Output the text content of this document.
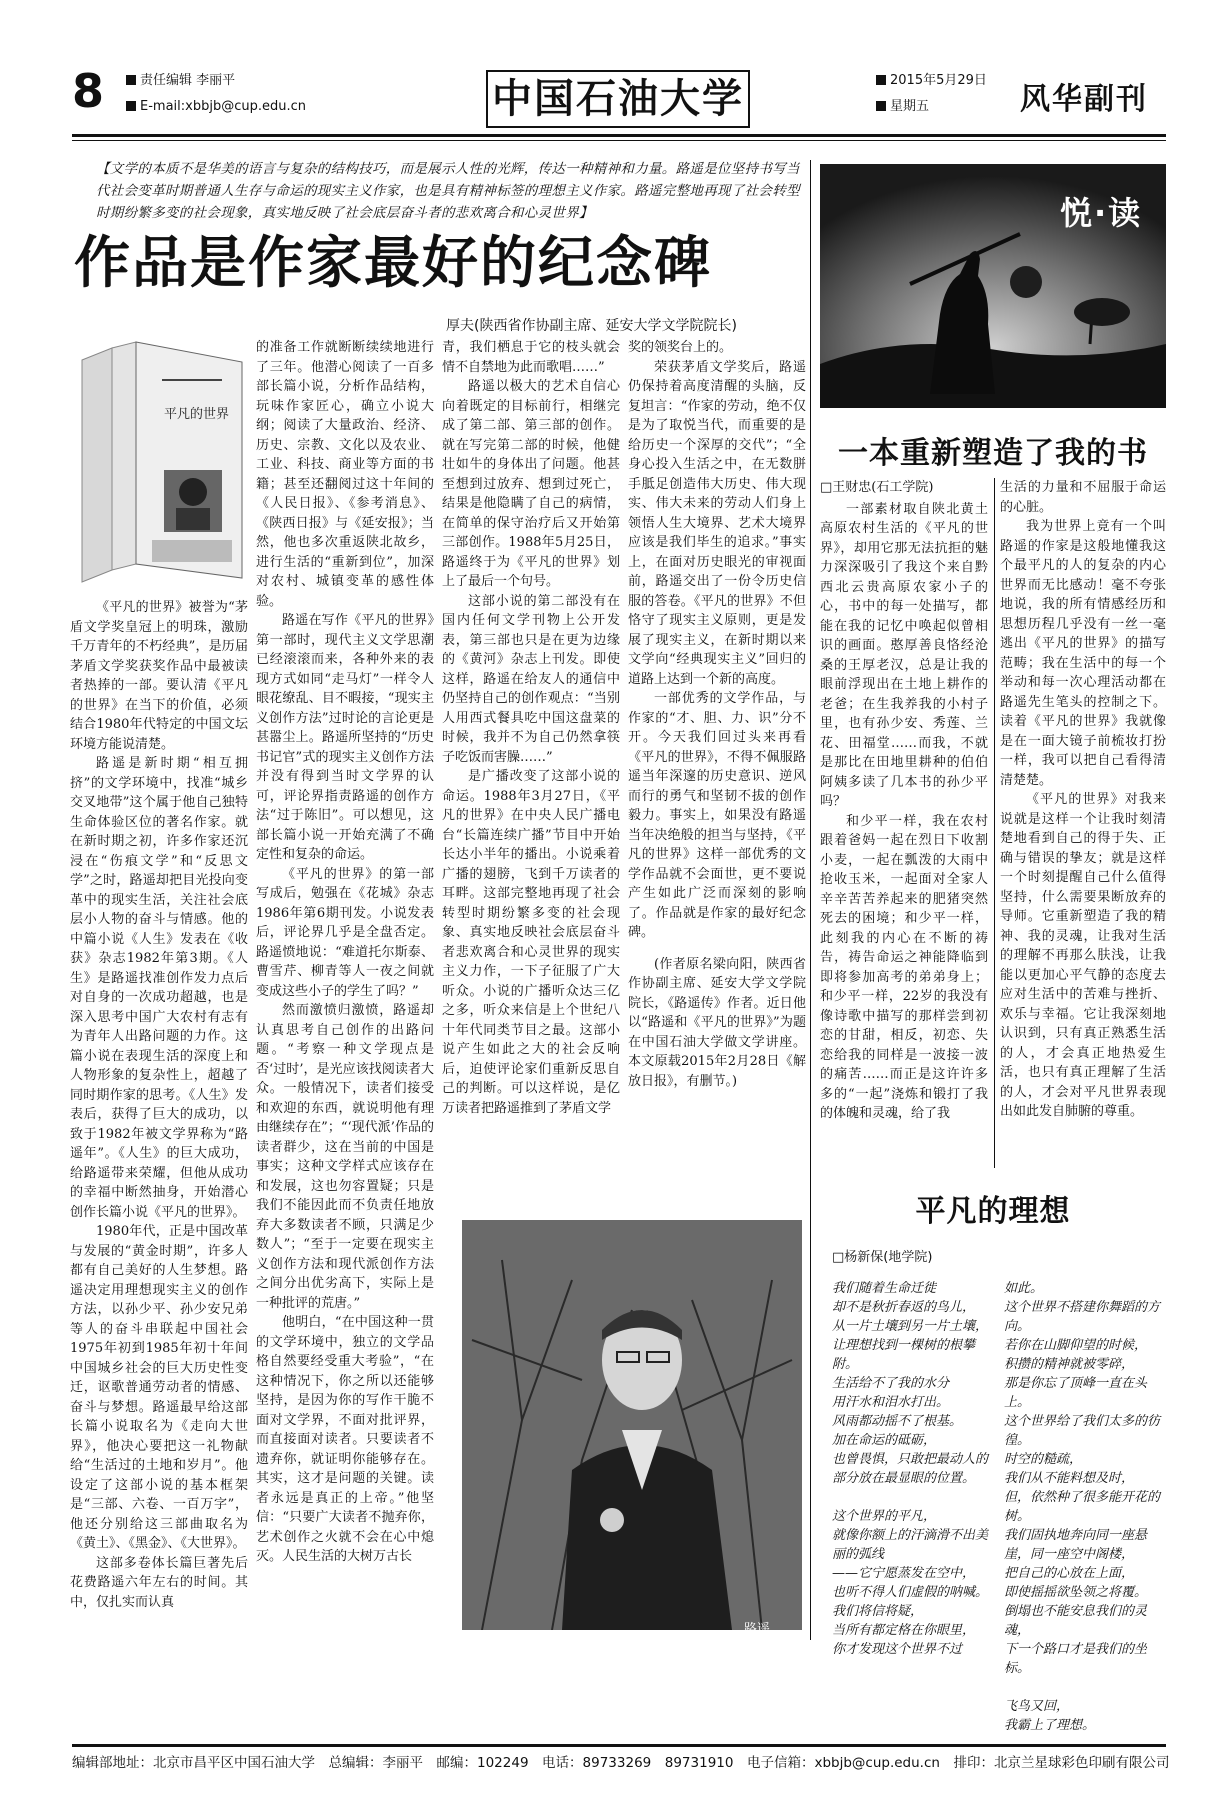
8	责任编辑 李丽平
E-mail:xbbjb@cup.edu.cn	中国石油大学	2015年5月29日
星期五	风华副刊
【文学的本质不是华美的语言与复杂的结构技巧，而是展示人性的光辉，传达一种精神和力量。路遥是位坚持书写当代社会变革时期普通人生存与命运的现实主义作家，也是具有精神标签的理想主义作家。路遥完整地再现了社会转型时期纷繁多变的社会现象，真实地反映了社会底层奋斗者的悲欢离合和心灵世界】
作品是作家最好的纪念碑
厚夫(陕西省作协副主席、延安大学文学院院长)
平凡的世界

《平凡的世界》被誉为“茅盾文学奖皇冠上的明珠，激励千万青年的不朽经典”，是历届茅盾文学奖获奖作品中最被读者热捧的一部。要认清《平凡的世界》在当下的价值，必须结合1980年代特定的中国文坛环境方能说清楚。

路遥是新时期“相互拥挤”的文学环境中，找准“城乡交叉地带”这个属于他自己独特生命体验区位的著名作家。就在新时期之初，许多作家还沉浸在“伤痕文学”和“反思文学”之时，路遥却把目光投向变革中的现实生活，关注社会底层小人物的奋斗与情感。他的中篇小说《人生》发表在《收获》杂志1982年第3期。《人生》是路遥找准创作发力点后对自身的一次成功超越，也是深入思考中国广大农村有志有为青年人出路问题的力作。这篇小说在表现生活的深度上和人物形象的复杂性上，超越了同时期作家的思考。《人生》发表后，获得了巨大的成功，以致于1982年被文学界称为“路遥年”。《人生》的巨大成功，给路遥带来荣耀，但他从成功的幸福中断然抽身，开始潜心创作长篇小说《平凡的世界》。

1980年代，正是中国改革与发展的“黄金时期”，许多人都有自己美好的人生梦想。路遥决定用理想现实主义的创作方法，以孙少平、孙少安兄弟等人的奋斗串联起中国社会1975年初到1985年初十年间中国城乡社会的巨大历史性变迁，讴歌普通劳动者的情感、奋斗与梦想。路遥最早给这部长篇小说取名为《走向大世界》，他决心要把这一礼物献给“生活过的土地和岁月”。他设定了这部小说的基本框架是“三部、六卷、一百万字”，他还分别给这三部曲取名为《黄土》、《黑金》、《大世界》。

这部多卷体长篇巨著先后花费路遥六年左右的时间。其中，仅扎实而认真

的准备工作就断断续续地进行了三年。他潜心阅读了一百多部长篇小说，分析作品结构，玩味作家匠心，确立小说大纲；阅读了大量政治、经济、历史、宗教、文化以及农业、工业、科技、商业等方面的书籍；甚至还翻阅过这十年间的《人民日报》、《参考消息》、《陕西日报》与《延安报》；当然，他也多次重返陕北故乡，进行生活的“重新到位”，加深对农村、城镇变革的感性体验。

路遥在写作《平凡的世界》第一部时，现代主义文学思潮已经滚滚而来，各种外来的表现方式如同“走马灯”一样令人眼花缭乱、目不暇接，“现实主义创作方法”过时论的言论更是甚嚣尘上。路遥所坚持的“历史书记官”式的现实主义创作方法并没有得到当时文学界的认可，评论界指责路遥的创作方法“过于陈旧”。可以想见，这部长篇小说一开始充满了不确定性和复杂的命运。

《平凡的世界》的第一部写成后，勉强在《花城》杂志1986年第6期刊发。小说发表后，评论界几乎是全盘否定。路遥愤地说：“难道托尔斯泰、曹雪芹、柳青等人一夜之间就变成这些小子的学生了吗？”

然而激愤归激愤，路遥却认真思考自己创作的出路问题。“考察一种文学现点是否‘过时’，是光应该找阅读者大众。一般情况下，读者们接受和欢迎的东西，就说明他有理由继续存在”；“‘现代派’作品的读者群少，这在当前的中国是事实；这种文学样式应该存在和发展，这也勿容置疑；只是我们不能因此而不负责任地放弃大多数读者不顾，只满足少数人”；“至于一定要在现实主义创作方法和现代派创作方法之间分出优劣高下，实际上是一种批评的荒唐。”

他明白，“在中国这种一贯的文学环境中，独立的文学品格自然要经受重大考验”，“在这种情况下，你之所以还能够坚持，是因为你的写作干脆不面对文学界，不面对批评界，而直接面对读者。只要读者不遗弃你，就证明你能够存在。其实，这才是问题的关键。读者永远是真正的上帝。”他坚信：“只要广大读者不抛弃你，艺术创作之火就不会在心中熄灭。人民生活的大树万古长

青，我们栖息于它的枝头就会情不自禁地为此而歌唱……”

路遥以极大的艺术自信心向着既定的目标前行，相继完成了第二部、第三部的创作。就在写完第二部的时候，他健壮如牛的身体出了问题。他甚至想到过放弃、想到过死亡，结果是他隐瞒了自己的病情，在简单的保守治疗后又开始第三部创作。1988年5月25日，路遥终于为《平凡的世界》划上了最后一个句号。

这部小说的第二部没有在国内任何文学刊物上公开发表，第三部也只是在更为边缘的《黄河》杂志上刊发。即使这样，路遥在给友人的通信中仍坚持自己的创作观点：“当别人用西式餐具吃中国这盘菜的时候，我并不为自己仍然拿筷子吃饭而害臊……”

是广播改变了这部小说的命运。1988年3月27日，《平凡的世界》在中央人民广播电台“长篇连续广播”节目中开始长达小半年的播出。小说乘着广播的翅膀，飞到千万读者的耳畔。这部完整地再现了社会转型时期纷繁多变的社会现象、真实地反映社会底层奋斗者悲欢离合和心灵世界的现实主义力作，一下子征服了广大听众。小说的广播听众达三亿之多，听众来信是上个世纪八十年代同类节目之最。这部小说产生如此之大的社会反响后，迫使评论家们重新反思自己的判断。可以这样说，是亿万读者把路遥推到了茅盾文学

奖的领奖台上的。

荣获茅盾文学奖后，路遥仍保持着高度清醒的头脑，反复坦言：“作家的劳动，绝不仅是为了取悦当代，而重要的是给历史一个深厚的交代”；“全身心投入生活之中，在无数胼手胝足创造伟大历史、伟大现实、伟大未来的劳动人们身上领悟人生大境界、艺术大境界应该是我们毕生的追求。”事实上，在面对历史眼光的审视面前，路遥交出了一份令历史信服的答卷。《平凡的世界》不但恪守了现实主义原则，更是发展了现实主义，在新时期以来文学向“经典现实主义”回归的道路上达到一个新的高度。

一部优秀的文学作品，与作家的“才、胆、力、识”分不开。今天我们回过头来再看《平凡的世界》，不得不佩服路遥当年深邃的历史意识、逆风而行的勇气和坚韧不拔的创作毅力。事实上，如果没有路遥当年决绝般的担当与坚持，《平凡的世界》这样一部优秀的文学作品就不会面世，更不要说产生如此广泛而深刻的影响了。作品就是作家的最好纪念碑。

(作者原名梁向阳，陕西省作协副主席、延安大学文学院院长，《路遥传》作者。近日他以“路遥和《平凡的世界》”为题在中国石油大学做文学讲座。本文原载2015年2月28日《解放日报》，有删节。)

路遥
悦·读
一本重新塑造了我的书

□王财忠(石工学院)

一部素材取自陕北黄土高原农村生活的《平凡的世界》，却用它那无法抗拒的魅力深深吸引了我这个来自黔西北云贵高原农家小子的心，书中的每一处描写，都能在我的记忆中唤起似曾相识的画面。憨厚善良恪经沧桑的王厚老汉，总是让我的眼前浮现出在土地上耕作的老爸；在生我养我的小村子里，也有孙少安、秀莲、兰花、田福堂……而我，不就是那比在田地里耕种的伯伯阿姨多读了几本书的孙少平吗？

和少平一样，我在农村跟着爸妈一起在烈日下收割小麦，一起在瓢泼的大雨中抢收玉米，一起面对全家人辛辛苦苦养起来的肥猪突然死去的困境；和少平一样，此刻我的内心在不断的祷告，祷告命运之神能降临到即将参加高考的弟弟身上；和少平一样，22岁的我没有像诗歌中描写的那样尝到初恋的甘甜，相反，初恋、失恋给我的同样是一波接一波的痛苦……而正是这许许多多的“一起”浇炼和锻打了我的体魄和灵魂，给了我

生活的力量和不屈服于命运的心脏。

我为世界上竟有一个叫路遥的作家是这般地懂我这个最平凡的人的复杂的内心世界而无比感动！毫不夸张地说，我的所有情感经历和思想历程几乎没有一丝一毫逃出《平凡的世界》的描写范畴；我在生活中的每一个举动和每一次心理活动都在路遥先生笔头的控制之下。读着《平凡的世界》我就像是在一面大镜子前梳妆打扮一样，我可以把自己看得清清楚楚。

《平凡的世界》对我来说就是这样一个让我时刻清楚地看到自己的得于失、正确与错误的挚友；就是这样一个时刻提醒自己什么值得坚持，什么需要果断放弃的导师。它重新塑造了我的精神、我的灵魂，让我对生活的理解不再那么肤浅，让我能以更加心平气静的态度去应对生活中的苦难与挫折、欢乐与幸福。它让我深刻地认识到，只有真正熟悉生活的人，才会真正地热爱生活，也只有真正理解了生活的人，才会对平凡世界表现出如此发自肺腑的尊重。

平凡的理想
□杨新保(地学院)
我们随着生命迁徙
却不是秋折春返的鸟儿，
从一片土壤到另一片土壤，
让理想找到一棵树的根攀附。
生活给不了我的水分
用汗水和泪水打出。
风雨都动摇不了根基。
加在命运的砥砺，
也曾畏惧，只敢把最动人的部分放在最显眼的位置。
这个世界的平凡，
就像你额上的汗滴滑不出美丽的弧线
——它宁愿蒸发在空中，
也听不得人们虚假的呐喊。
我们将信将疑，
当所有都定格在你眼里，
你才发现这个世界不过
如此。
这个世界不搭建你舞蹈的方向。
若你在山脚仰望的时候，
积攒的精神就被零碎，
那是你忘了顶峰一直在头上。
这个世界给了我们太多的彷徨。
时空的糙疏，
我们从不能料想及时，
但，依然种了很多能开花的树。
我们固执地奔向同一座悬崖，同一座空中阁楼，
把自己的心放在上面，
即使摇摇欲坠领之将覆。
倒塌也不能安息我们的灵魂，
下一个路口才是我们的坐标。
飞鸟又回，
我霸上了理想。
编辑部地址：北京市昌平区中国石油大学　总编辑：李丽平　邮编：102249　电话：89733269　89731910　电子信箱：xbbjb@cup.edu.cn　排印：北京兰星球彩色印刷有限公司
